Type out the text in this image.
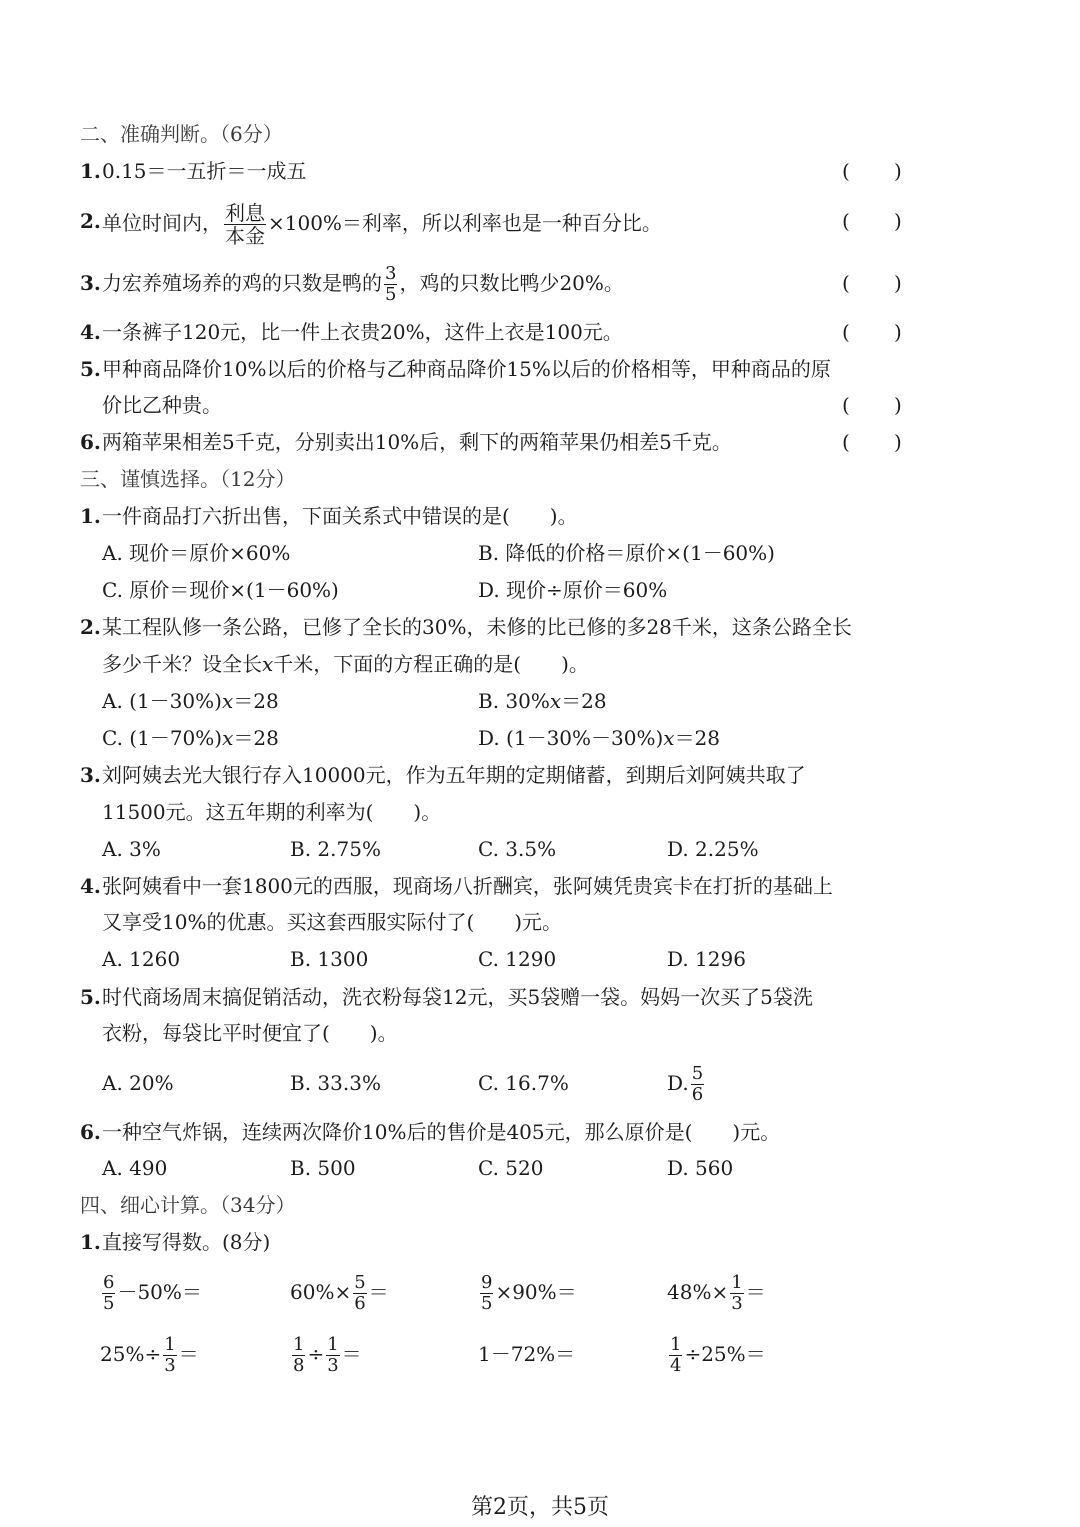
二、准确判断。（6分）
1. 0.15＝一五折＝一成五	( )
2. 单位时间内， $\frac{\text{利息}}{\text{本金}} \times 100\%=$利率，所以利率也是一种百分比。	( )
3. 力宏养殖场养的鸡的只数是鸭的 $\frac{3}{5}$ ，鸡的只数比鸭少20%。	( )
4. 一条裤子120元，比一件上衣贵20%，这件上衣是100元。	( )
5. 甲种商品降价10%以后的价格与乙种商品降价15%以后的价格相等，甲种商品的原
价比乙种贵。	( )
6. 两箱苹果相差5千克，分别卖出10%后，剩下的两箱苹果仍相差5千克。	( )
三、谨慎选择。（12分）
1. 一件商品打六折出售，下面关系式中错误的是(　　)。
A. 现价＝原价×60%	B. 降低的价格＝原价×(1－60%)
C. 原价＝现价×(1－60%)	D. 现价÷原价＝60%
2. 某工程队修一条公路，已修了全长的30%，未修的比已修的多28千米，这条公路全长
多少千米？设全长x千米，下面的方程正确的是(　　)。
A. (1－30%)x＝28	B. 30%x＝28
C. (1－70%)x＝28	D. (1－30%－30%)x＝28
3. 刘阿姨去光大银行存入10000元，作为五年期的定期储蓄，到期后刘阿姨共取了
11500元。这五年期的利率为(　　)。
A. 3%	B. 2.75%	C. 3.5%	D. 2.25%
4. 张阿姨看中一套1800元的西服，现商场八折酬宾，张阿姨凭贵宾卡在打折的基础上
又享受10%的优惠。买这套西服实际付了(　　)元。
A. 1260	B. 1300	C. 1290	D. 1296
5. 时代商场周末搞促销活动，洗衣粉每袋12元，买5袋赠一袋。妈妈一次买了5袋洗
衣粉，每袋比平时便宜了(　　)。
A. 20%	B. 33.3%	C. 16.7%	D. $\frac{5}{6}$
6. 一种空气炸锅，连续两次降价10%后的售价是405元，那么原价是(　　)元。
A. 490	B. 500	C. 520	D. 560
四、细心计算。（34分）
1. 直接写得数。(8分)
$\frac{6}{5} -50\%=$	$60\%\times \frac{5}{6}$ ＝	$\frac{9}{5} \times 90\%=$	$48\%\times \frac{1}{3}$ ＝
$25\%\div \frac{1}{3}$ ＝	$\frac{1}{8} \div \frac{1}{3}$ ＝	1－72%＝	$\frac{1}{4} \div 25\%=$
第2页，共5页
